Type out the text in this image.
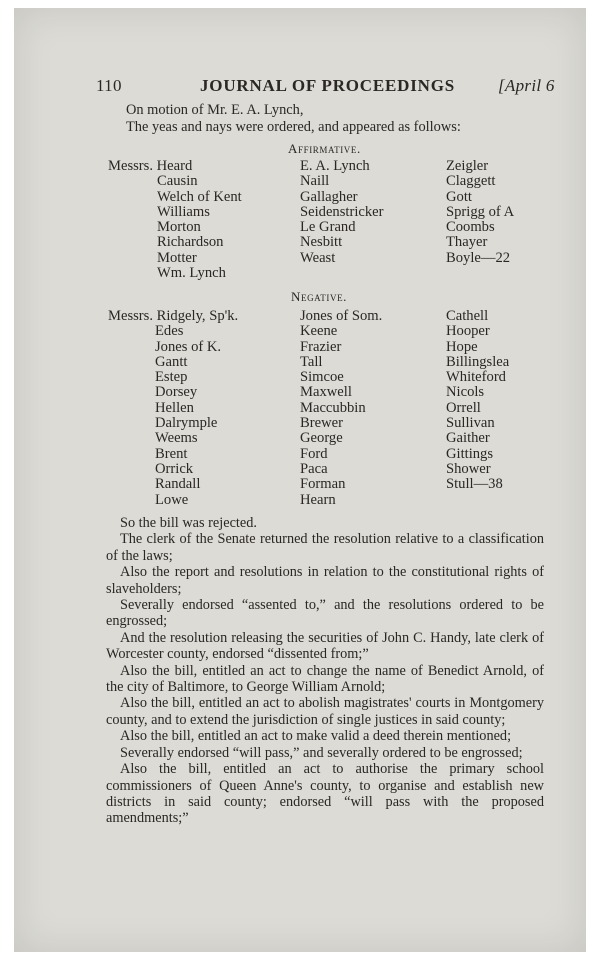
110	JOURNAL OF PROCEEDINGS	[April 6
On motion of Mr. E. A. Lynch,
The yeas and nays were ordered, and appeared as follows:
Affirmative.
Messrs. Heard
Causin
Welch of Kent
Williams
Morton
Richardson
Motter
Wm. Lynch
E. A. Lynch
Naill
Gallagher
Seidenstricker
Le Grand
Nesbitt
Weast
Zeigler
Claggett
Gott
Sprigg of A
Coombs
Thayer
Boyle—22
Negative.
Messrs. Ridgely, Sp'k.
Edes
Jones of K.
Gantt
Estep
Dorsey
Hellen
Dalrymple
Weems
Brent
Orrick
Randall
Lowe
Jones of Som.
Keene
Frazier
Tall
Simcoe
Maxwell
Maccubbin
Brewer
George
Ford
Paca
Forman
Hearn
Cathell
Hooper
Hope
Billingslea
Whiteford
Nicols
Orrell
Sullivan
Gaither
Gittings
Shower
Stull—38

So the bill was rejected.

The clerk of the Senate returned the resolution relative to a classification of the laws;

Also the report and resolutions in relation to the constitutional rights of slaveholders;

Severally endorsed “assented to,” and the resolutions ordered to be engrossed;

And the resolution releasing the securities of John C. Handy, late clerk of Worcester county, endorsed “dissented from;”

Also the bill, entitled an act to change the name of Benedict Arnold, of the city of Baltimore, to George William Arnold;

Also the bill, entitled an act to abolish magistrates' courts in Montgomery county, and to extend the jurisdiction of single justices in said county;

Also the bill, entitled an act to make valid a deed therein mentioned;

Severally endorsed “will pass,” and severally ordered to be engrossed;

Also the bill, entitled an act to authorise the primary school commissioners of Queen Anne's county, to organise and establish new districts in said county; endorsed “will pass with the proposed amendments;”
